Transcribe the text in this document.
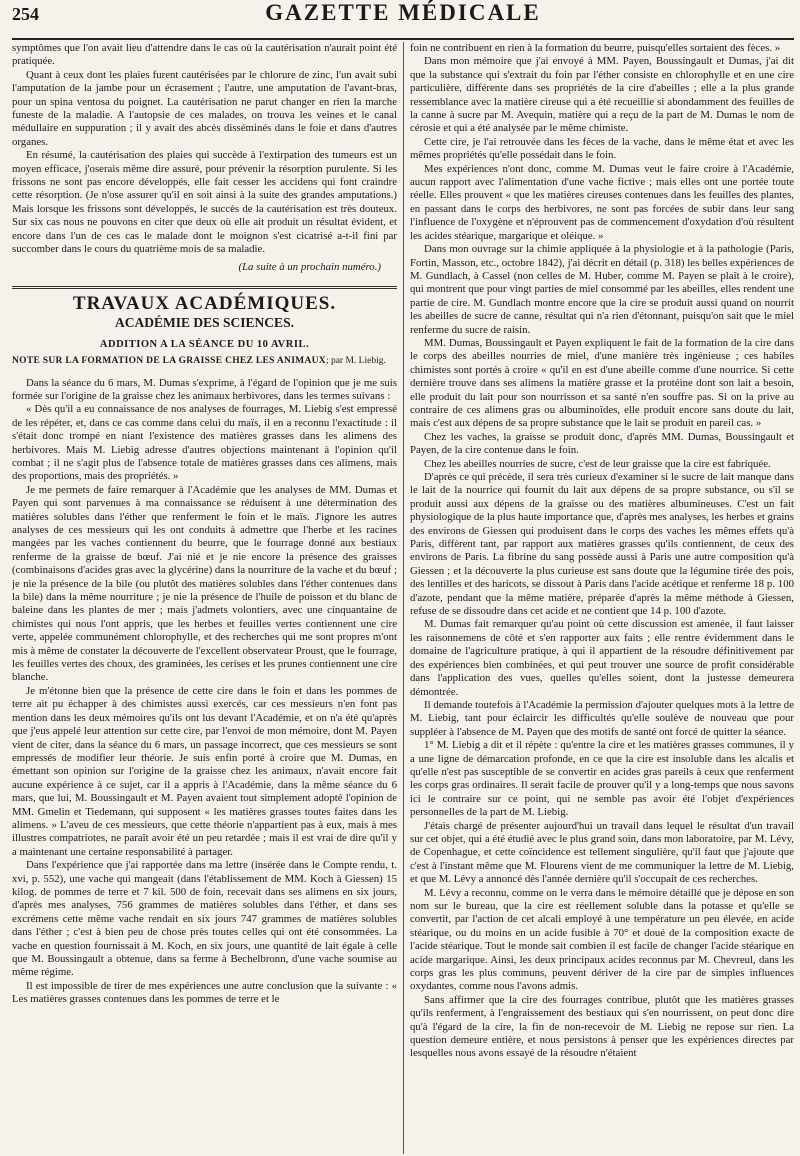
254	GAZETTE MÉDICALE

symptômes que l'on avait lieu d'attendre dans le cas où la cautérisation n'aurait point été pratiquée.

Quant à ceux dont les plaies furent cautérisées par le chlorure de zinc, l'un avait subi l'amputation de la jambe pour un écrasement ; l'autre, une amputation de l'avant-bras, pour un spina ventosa du poignet. La cautérisation ne parut changer en rien la marche funeste de la maladie. A l'autopsie de ces malades, on trouva les veines et le canal médullaire en suppuration ; il y avait des abcès disséminés dans le foie et dans d'autres organes.

En résumé, la cautérisation des plaies qui succède à l'extirpation des tumeurs est un moyen efficace, j'oserais même dire assuré, pour prévenir la résorption purulente. Si les frissons ne sont pas encore développés, elle fait cesser les accidens qui font craindre cette résorption. (Je n'ose assurer qu'il en soit ainsi à la suite des grandes amputations.) Mais lorsque les frissons sont développés, le succès de la cautérisation est très douteux. Sur six cas nous ne pouvons en citer que deux où elle ait produit un résultat évident, et encore dans l'un de ces cas le malade dont le moignon s'est cicatrisé a-t-il fini par succomber dans le cours du quatrième mois de sa maladie.

(La suite à un prochain numéro.)

TRAVAUX ACADÉMIQUES.
ACADÉMIE DES SCIENCES.
ADDITION A LA SÉANCE DU 10 AVRIL.

NOTE SUR LA FORMATION DE LA GRAISSE CHEZ LES ANIMAUX; par M. Liebig.

Dans la séance du 6 mars, M. Dumas s'exprime, à l'égard de l'opinion que je me suis formée sur l'origine de la graisse chez les animaux herbivores, dans les termes suivans :

« Dès qu'il a eu connaissance de nos analyses de fourrages, M. Liebig s'est empressé de les répéter, et, dans ce cas comme dans celui du maïs, il en a reconnu l'exactitude : il s'était donc trompé en niant l'existence des matières grasses dans les alimens des herbivores. Mais M. Liebig adresse d'autres objections maintenant à l'opinion qu'il combat ; il ne s'agit plus de l'absence totale de matières grasses dans ces alimens, mais des proportions, mais des propriétés. »

Je me permets de faire remarquer à l'Académie que les analyses de MM. Dumas et Payen qui sont parvenues à ma connaissance se réduisent à une détermination des matières solubles dans l'éther que renferment le foin et le maïs. J'ignore les autres analyses de ces messieurs qui les ont conduits à admettre que l'herbe et les racines mangées par les vaches contiennent du beurre, que le fourrage donné aux bestiaux renferme de la graisse de bœuf. J'ai nié et je nie encore la présence des graisses (combinaisons d'acides gras avec la glycérine) dans la nourriture de la vache et du bœuf ; je nie la présence de la bile (ou plutôt des matières solubles dans l'éther contenues dans la bile) dans la même nourriture ; je nie la présence de l'huile de poisson et du blanc de baleine dans les plantes de mer ; mais j'admets volontiers, avec une cinquantaine de chimistes qui nous l'ont appris, que les herbes et feuilles vertes contiennent une cire verte, appelée communément chlorophylle, et des recherches qui me sont propres m'ont mis à même de constater la découverte de l'excellent observateur Proust, que le fourrage, les feuilles vertes des choux, des graminées, les cerises et les prunes contiennent une cire blanche.

Je m'étonne bien que la présence de cette cire dans le foin et dans les pommes de terre ait pu échapper à des chimistes aussi exercés, car ces messieurs n'en font pas mention dans les deux mémoires qu'ils ont lus devant l'Académie, et on n'a été qu'après que j'eus appelé leur attention sur cette cire, par l'envoi de mon mémoire, dont M. Payen vient de citer, dans la séance du 6 mars, un passage incorrect, que ces messieurs se sont empressés de modifier leur théorie. Je suis enfin porté à croire que M. Dumas, en émettant son opinion sur l'origine de la graisse chez les animaux, n'avait encore fait aucune expérience à ce sujet, car il a appris à l'Académie, dans la même séance du 6 mars, que lui, M. Boussingault et M. Payen avaient tout simplement adopté l'opinion de MM. Gmelin et Tiedemann, qui supposent « les matières grasses toutes faites dans les alimens. » L'aveu de ces messieurs, que cette théorie n'appartient pas à eux, mais à mes illustres compatriotes, ne paraît avoir été un peu retardée ; mais il est vrai de dire qu'il y a maintenant une certaine responsabilité à partager.

Dans l'expérience que j'ai rapportée dans ma lettre (insérée dans le Compte rendu, t. xvi, p. 552), une vache qui mangeait (dans l'établissement de MM. Koch à Giessen) 15 kilog. de pommes de terre et 7 kil. 500 de foin, recevait dans ses alimens en six jours, d'après mes analyses, 756 grammes de matières solubles dans l'éther, et dans ses excrémens cette même vache rendait en six jours 747 grammes de matières solubles dans l'éther ; c'est à bien peu de chose près toutes celles qui ont été consommées. La vache en question fournissait à M. Koch, en six jours, une quantité de lait égale à celle que M. Boussingault a obtenue, dans sa ferme à Bechelbronn, d'une vache soumise au même régime.

Il est impossible de tirer de mes expériences une autre conclusion que la suivante : « Les matières grasses contenues dans les pommes de terre et le

foin ne contribuent en rien à la formation du beurre, puisqu'elles sortaient des fèces. »

Dans mon mémoire que j'ai envoyé à MM. Payen, Boussingault et Dumas, j'ai dit que la substance qui s'extrait du foin par l'éther consiste en chlorophylle et en une cire particulière, différente dans ses propriétés de la cire d'abeilles ; elle a la plus grande ressemblance avec la matière cireuse qui a été recueillie si abondamment des feuilles de la canne à sucre par M. Avequin, matière qui a reçu de la part de M. Dumas le nom de cérosie et qui a été analysée par le même chimiste.

Cette cire, je l'ai retrouvée dans les fèces de la vache, dans le même état et avec les mêmes propriétés qu'elle possédait dans le foin.

Mes expériences n'ont donc, comme M. Dumas veut le faire croire à l'Académie, aucun rapport avec l'alimentation d'une vache fictive ; mais elles ont une portée toute réelle. Elles prouvent « que les matières cireuses contenues dans les feuilles des plantes, en passant dans le corps des herbivores, ne sont pas forcées de subir dans leur sang l'influence de l'oxygène et n'éprouvent pas de commencement d'oxydation d'où résultent les acides stéarique, margarique et oléique. »

Dans mon ouvrage sur la chimie appliquée à la physiologie et à la pathologie (Paris, Fortin, Masson, etc., octobre 1842), j'ai décrit en détail (p. 318) les belles expériences de M. Gundlach, à Cassel (non celles de M. Huber, comme M. Payen se plaît à le croire), qui montrent que pour vingt parties de miel consommé par les abeilles, elles rendent une partie de cire. M. Gundlach montre encore que la cire se produit aussi quand on nourrit les abeilles de sucre de canne, résultat qui n'a rien d'étonnant, puisqu'on sait que le miel renferme du sucre de raisin.

MM. Dumas, Boussingault et Payen expliquent le fait de la formation de la cire dans le corps des abeilles nourries de miel, d'une manière très ingénieuse ; ces habiles chimistes sont portés à croire « qu'il en est d'une abeille comme d'une nourrice. Si cette dernière trouve dans ses alimens la matière grasse et la protéine dont son lait a besoin, elle produit du lait pour son nourrisson et sa santé n'en souffre pas. Si on la prive au contraire de ces alimens gras ou albuminoïdes, elle produit encore sans doute du lait, mais c'est aux dépens de sa propre substance que le lait se produit en pareil cas. »

Chez les vaches, la graisse se produit donc, d'après MM. Dumas, Boussingault et Payen, de la cire contenue dans le foin.

Chez les abeilles nourries de sucre, c'est de leur graisse que la cire est fabriquée.

D'après ce qui précède, il sera très curieux d'examiner si le sucre de lait manque dans le lait de la nourrice qui fournit du lait aux dépens de sa propre substance, ou s'il se produit aussi aux dépens de la graisse ou des matières albumineuses. C'est un fait physiologique de la plus haute importance que, d'après mes analyses, les herbes et grains des environs de Giessen qui produisent dans le corps des vaches les mêmes effets qu'à Paris, diffèrent tant, par rapport aux matières grasses qu'ils contiennent, de ceux des environs de Paris. La fibrine du sang possède aussi à Paris une autre composition qu'à Giessen ; et la découverte la plus curieuse est sans doute que la légumine tirée des pois, des lentilles et des haricots, se dissout à Paris dans l'acide acétique et renferme 18 p. 100 d'azote, pendant que la même matière, préparée d'après la même méthode à Giessen, refuse de se dissoudre dans cet acide et ne contient que 14 p. 100 d'azote.

M. Dumas fait remarquer qu'au point où cette discussion est amenée, il faut laisser les raisonnemens de côté et s'en rapporter aux faits ; elle rentre évidemment dans le domaine de l'agriculture pratique, à qui il appartient de la résoudre définitivement par des expériences bien combinées, et qui peut trouver une source de profit considérable dans l'application des vues, quelles qu'elles soient, dont la justesse demeurera démontrée.

Il demande toutefois à l'Académie la permission d'ajouter quelques mots à la lettre de M. Liebig, tant pour éclaircir les difficultés qu'elle soulève de nouveau que pour suppléer à l'absence de M. Payen que des motifs de santé ont forcé de quitter la séance.

1° M. Liebig a dit et il répète : qu'entre la cire et les matières grasses communes, il y a une ligne de démarcation profonde, en ce que la cire est insoluble dans les alcalis et qu'elle n'est pas susceptible de se convertir en acides gras pareils à ceux que renferment les corps gras ordinaires. Il serait facile de prouver qu'il y a long-temps que nous savons ici le contraire sur ce point, qui ne semble pas avoir été l'objet d'expériences personnelles de la part de M. Liebig.

J'étais chargé de présenter aujourd'hui un travail dans lequel le résultat d'un travail sur cet objet, qui a été étudié avec le plus grand soin, dans mon laboratoire, par M. Lévy, de Copenhague, et cette coïncidence est tellement singulière, qu'il faut que j'ajoute que c'est à l'instant même que M. Flourens vient de me communiquer la lettre de M. Liebig, et que M. Lévy a annoncé dès l'année dernière qu'il s'occupait de ces recherches.

M. Lévy a reconnu, comme on le verra dans le mémoire détaillé que je dépose en son nom sur le bureau, que la cire est réellement soluble dans la potasse et qu'elle se convertit, par l'action de cet alcali employé à une température un peu élevée, en acide stéarique, ou du moins en un acide fusible à 70° et doué de la composition exacte de l'acide stéarique. Tout le monde sait combien il est facile de changer l'acide stéarique en acide margarique. Ainsi, les deux principaux acides reconnus par M. Chevreul, dans les corps gras les plus communs, peuvent dériver de la cire par de simples influences oxydantes, comme nous l'avons admis.

Sans affirmer que la cire des fourrages contribue, plutôt que les matières grasses qu'ils renferment, à l'engraissement des bestiaux qui s'en nourrissent, on peut donc dire qu'à l'égard de la cire, la fin de non-recevoir de M. Liebig ne repose sur rien. La question demeure entière, et nous persistons à penser que les expériences directes par lesquelles nous avons essayé de la résoudre n'étaient
